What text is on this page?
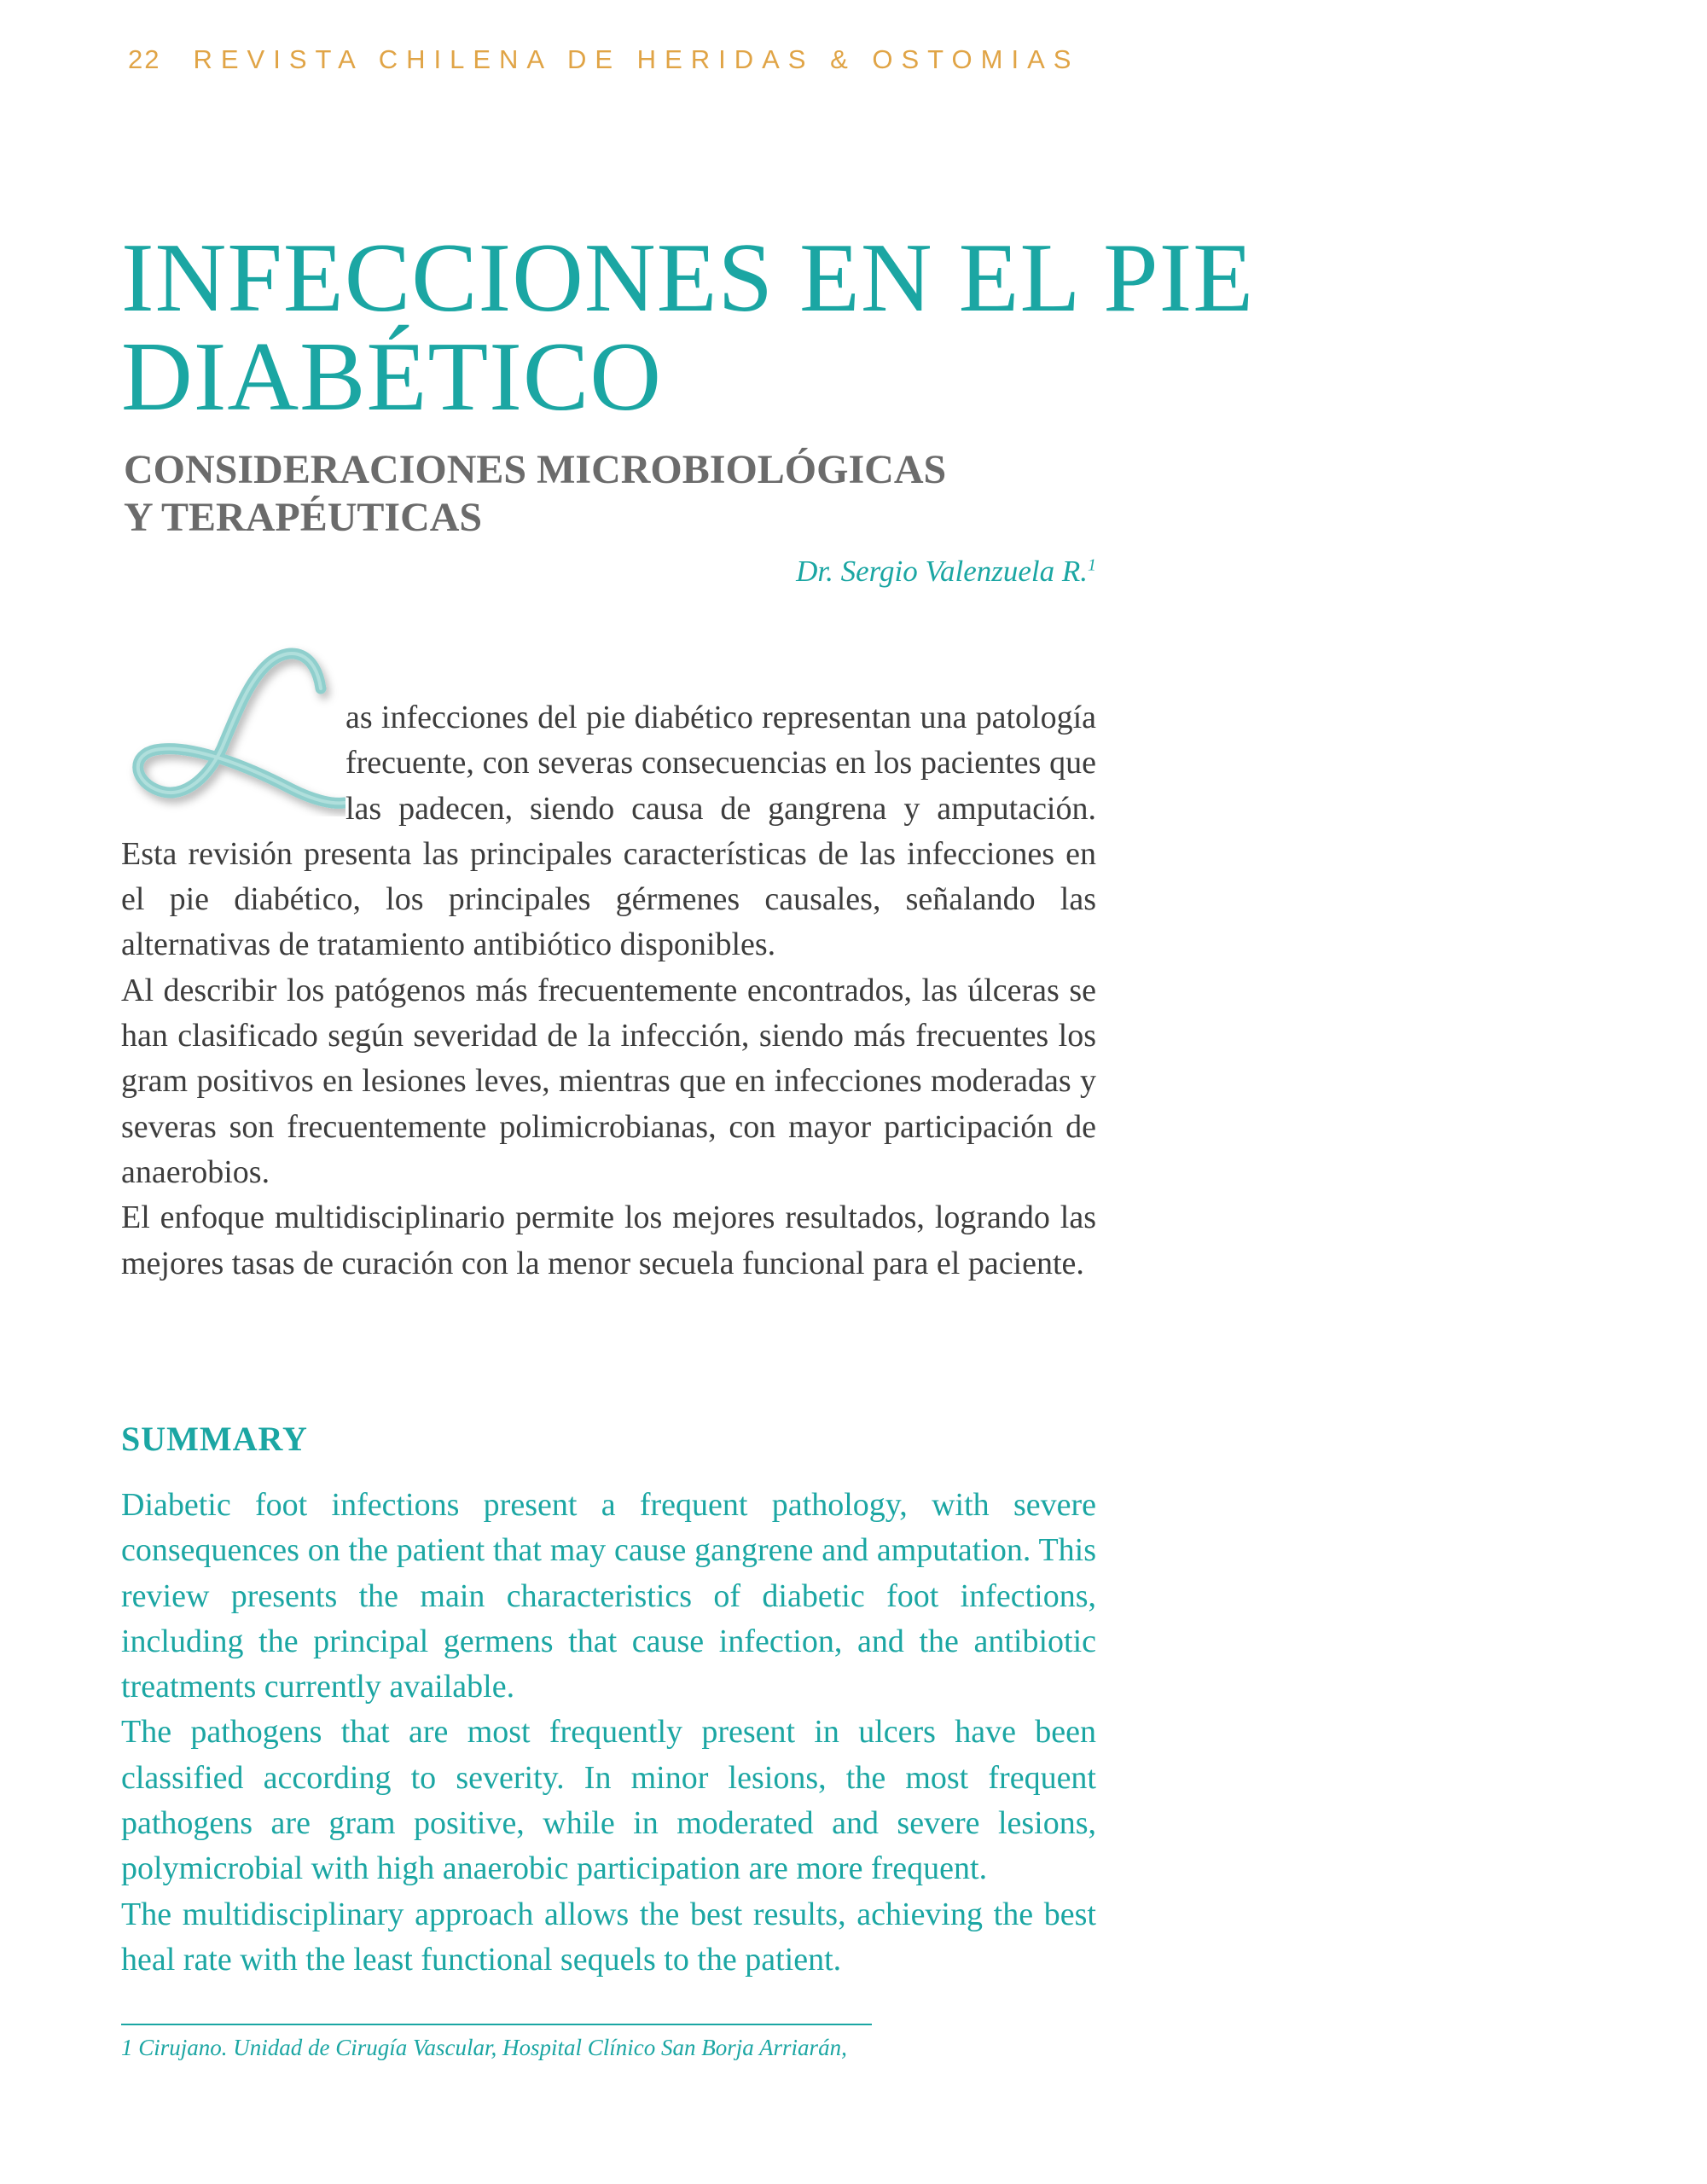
22 REVISTA CHILENA DE HERIDAS & OSTOMIAS
INFECCIONES EN EL PIE
DIABÉTICO
CONSIDERACIONES MICROBIOLÓGICAS
Y TERAPÉUTICAS
Dr. Sergio Valenzuela R.$^1$

as infecciones del pie diabético representan una patología frecuente, con severas consecuencias en los pacientes que las padecen, siendo causa de gangrena y amputación. Esta revisión presenta las principales características de las infecciones en el pie diabético, los principales gérmenes causales, señalando las alternativas de tratamiento antibiótico disponibles.

Al describir los patógenos más frecuentemente encontrados, las úlceras se han clasificado según severidad de la infección, siendo más frecuentes los gram positivos en lesiones leves, mientras que en infecciones moderadas y severas son frecuentemente polimicrobianas, con mayor participación de anaerobios.

El enfoque multidisciplinario permite los mejores resultados, logrando las mejores tasas de curación con la menor secuela funcional para el paciente.

SUMMARY

Diabetic foot infections present a frequent pathology, with severe consequences on the patient that may cause gangrene and amputation. This review presents the main characteristics of diabetic foot infections, including the principal germens that cause infection, and the antibiotic treatments currently available.

The pathogens that are most frequently present in ulcers have been classified according to severity. In minor lesions, the most frequent pathogens are gram positive, while in moderated and severe lesions, polymicrobial with high anaerobic participation are more frequent.

The multidisciplinary approach allows the best results, achieving the best heal rate with the least functional sequels to the patient.

1 Cirujano. Unidad de Cirugía Vascular, Hospital Clínico San Borja Arriarán,
